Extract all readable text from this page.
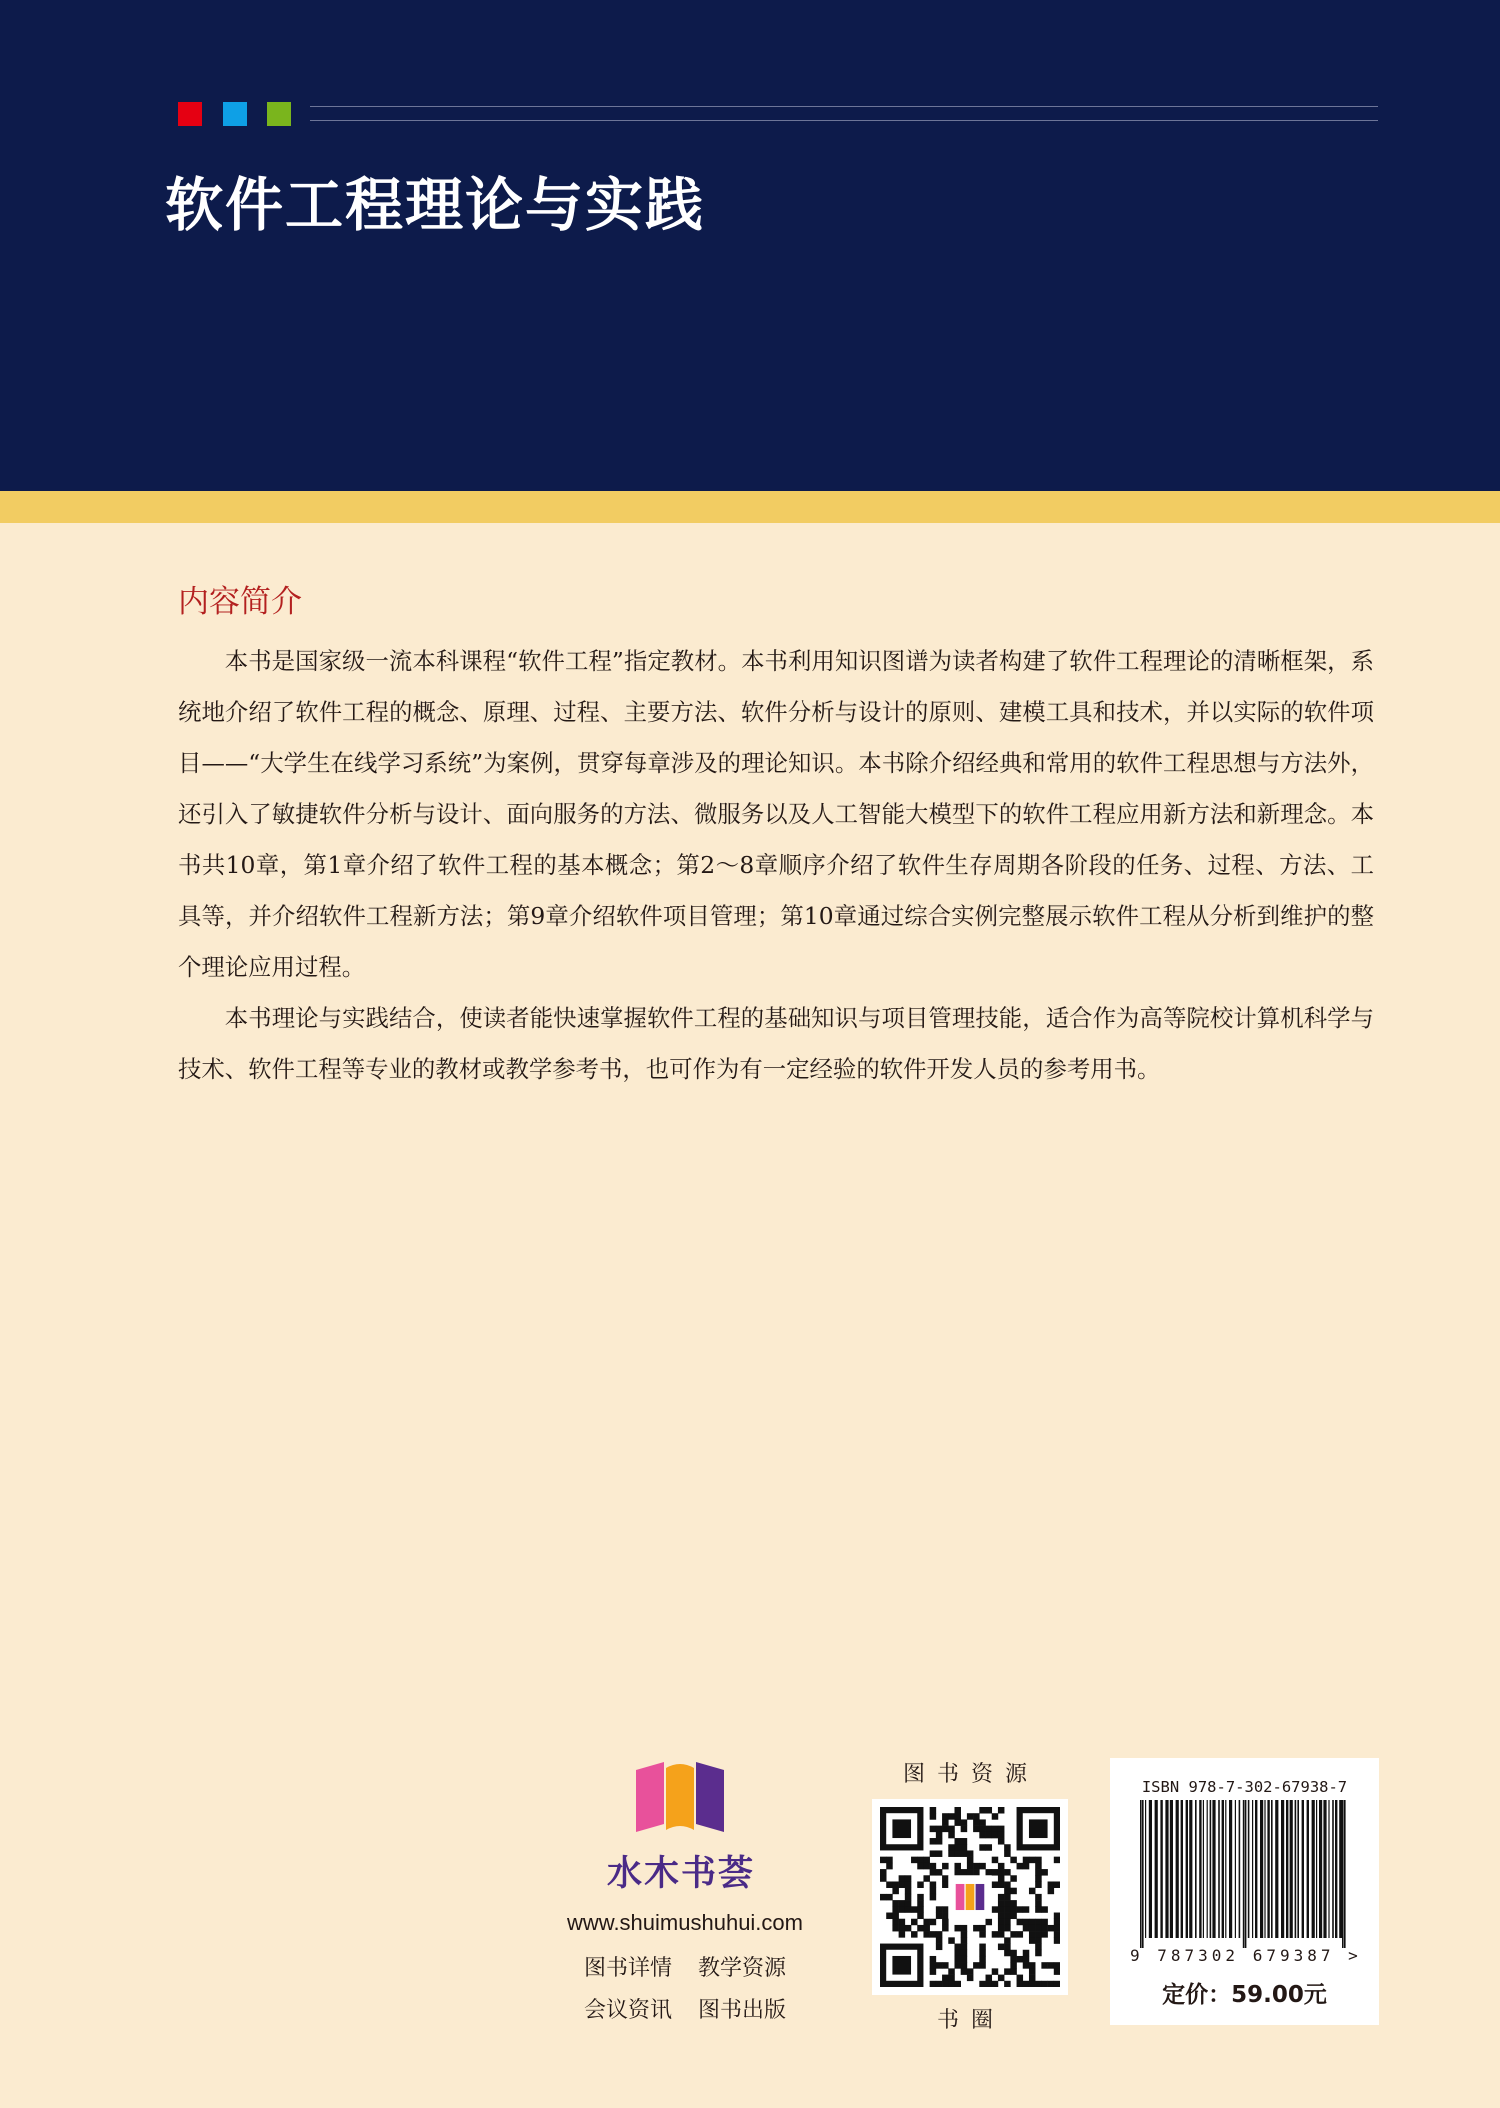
软件工程理论与实践
内容简介

本书是国家级一流本科课程“软件工程”指定教材。本书利用知识图谱为读者构建了软件工程理论的清晰框架，系统地介绍了软件工程的概念、原理、过程、主要方法、软件分析与设计的原则、建模工具和技术，并以实际的软件项目——“大学生在线学习系统”为案例，贯穿每章涉及的理论知识。本书除介绍经典和常用的软件工程思想与方法外，还引入了敏捷软件分析与设计、面向服务的方法、微服务以及人工智能大模型下的软件工程应用新方法和新理念。本书共10章，第1章介绍了软件工程的基本概念；第2～8章顺序介绍了软件生存周期各阶段的任务、过程、方法、工具等，并介绍软件工程新方法；第9章介绍软件项目管理；第10章通过综合实例完整展示软件工程从分析到维护的整个理论应用过程。

本书理论与实践结合，使读者能快速掌握软件工程的基础知识与项目管理技能，适合作为高等院校计算机科学与技术、软件工程等专业的教材或教学参考书，也可作为有一定经验的软件开发人员的参考用书。

水木书荟
www.shuimushuhui.com
图书详情 教学资源
会议资讯 图书出版
图书资源
书圈
ISBN 978-7-302-67938-7
9 787302 679387 >
定价：59.00元
